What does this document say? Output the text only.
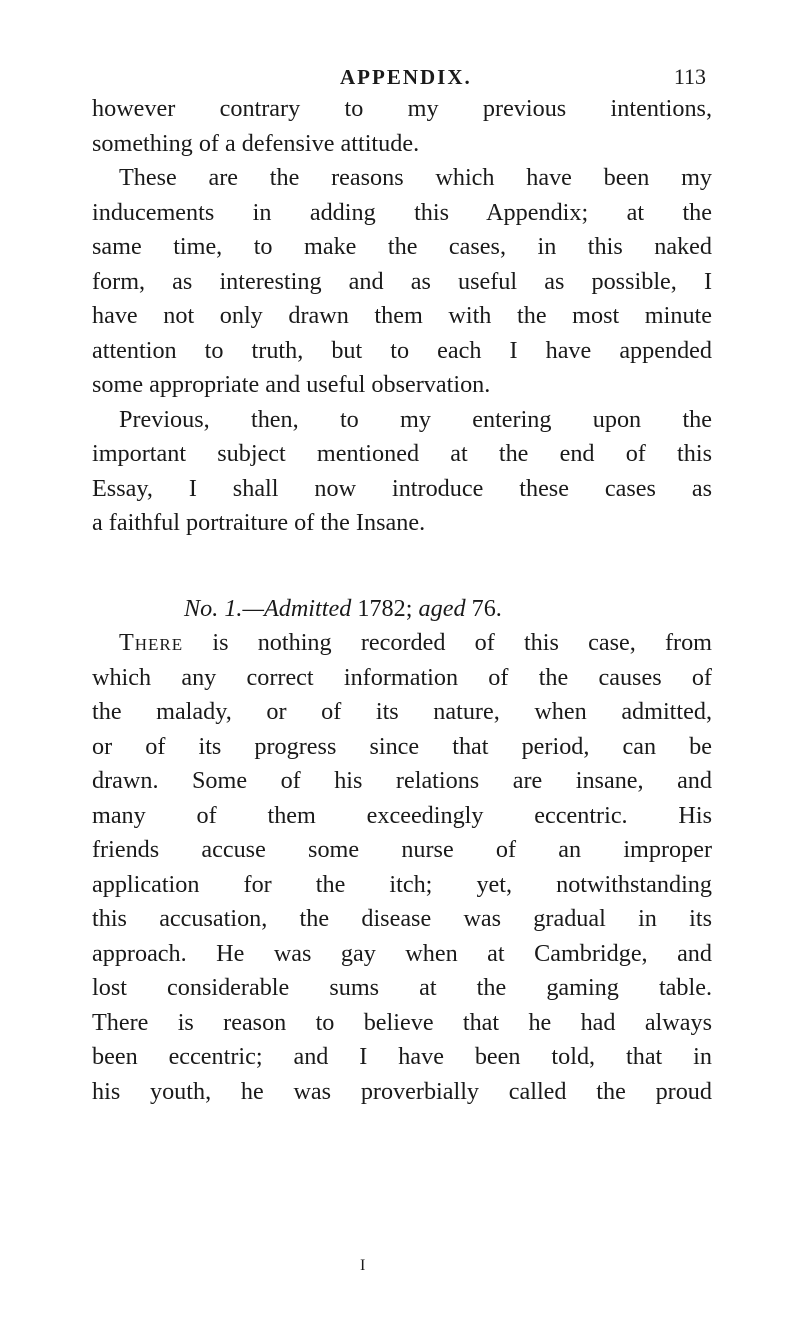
APPENDIX.	113

however contrary to my previous intentions,
something of a defensive attitude.

These are the reasons which have been my
inducements in adding this Appendix; at the
same time, to make the cases, in this naked
form, as interesting and as useful as possible, I
have not only drawn them with the most minute
attention to truth, but to each I have appended
some appropriate and useful observation.

Previous, then, to my entering upon the
important subject mentioned at the end of this
Essay, I shall now introduce these cases as
a faithful portraiture of the Insane.

No. 1.—Admitted 1782; aged 76.

There is nothing recorded of this case, from
which any correct information of the causes of
the malady, or of its nature, when admitted,
or of its progress since that period, can be
drawn. Some of his relations are insane, and
many of them exceedingly eccentric. His
friends accuse some nurse of an improper
application for the itch; yet, notwithstanding
this accusation, the disease was gradual in its
approach. He was gay when at Cambridge, and
lost considerable sums at the gaming table.
There is reason to believe that he had always
been eccentric; and I have been told, that in
his youth, he was proverbially called the proud

I
